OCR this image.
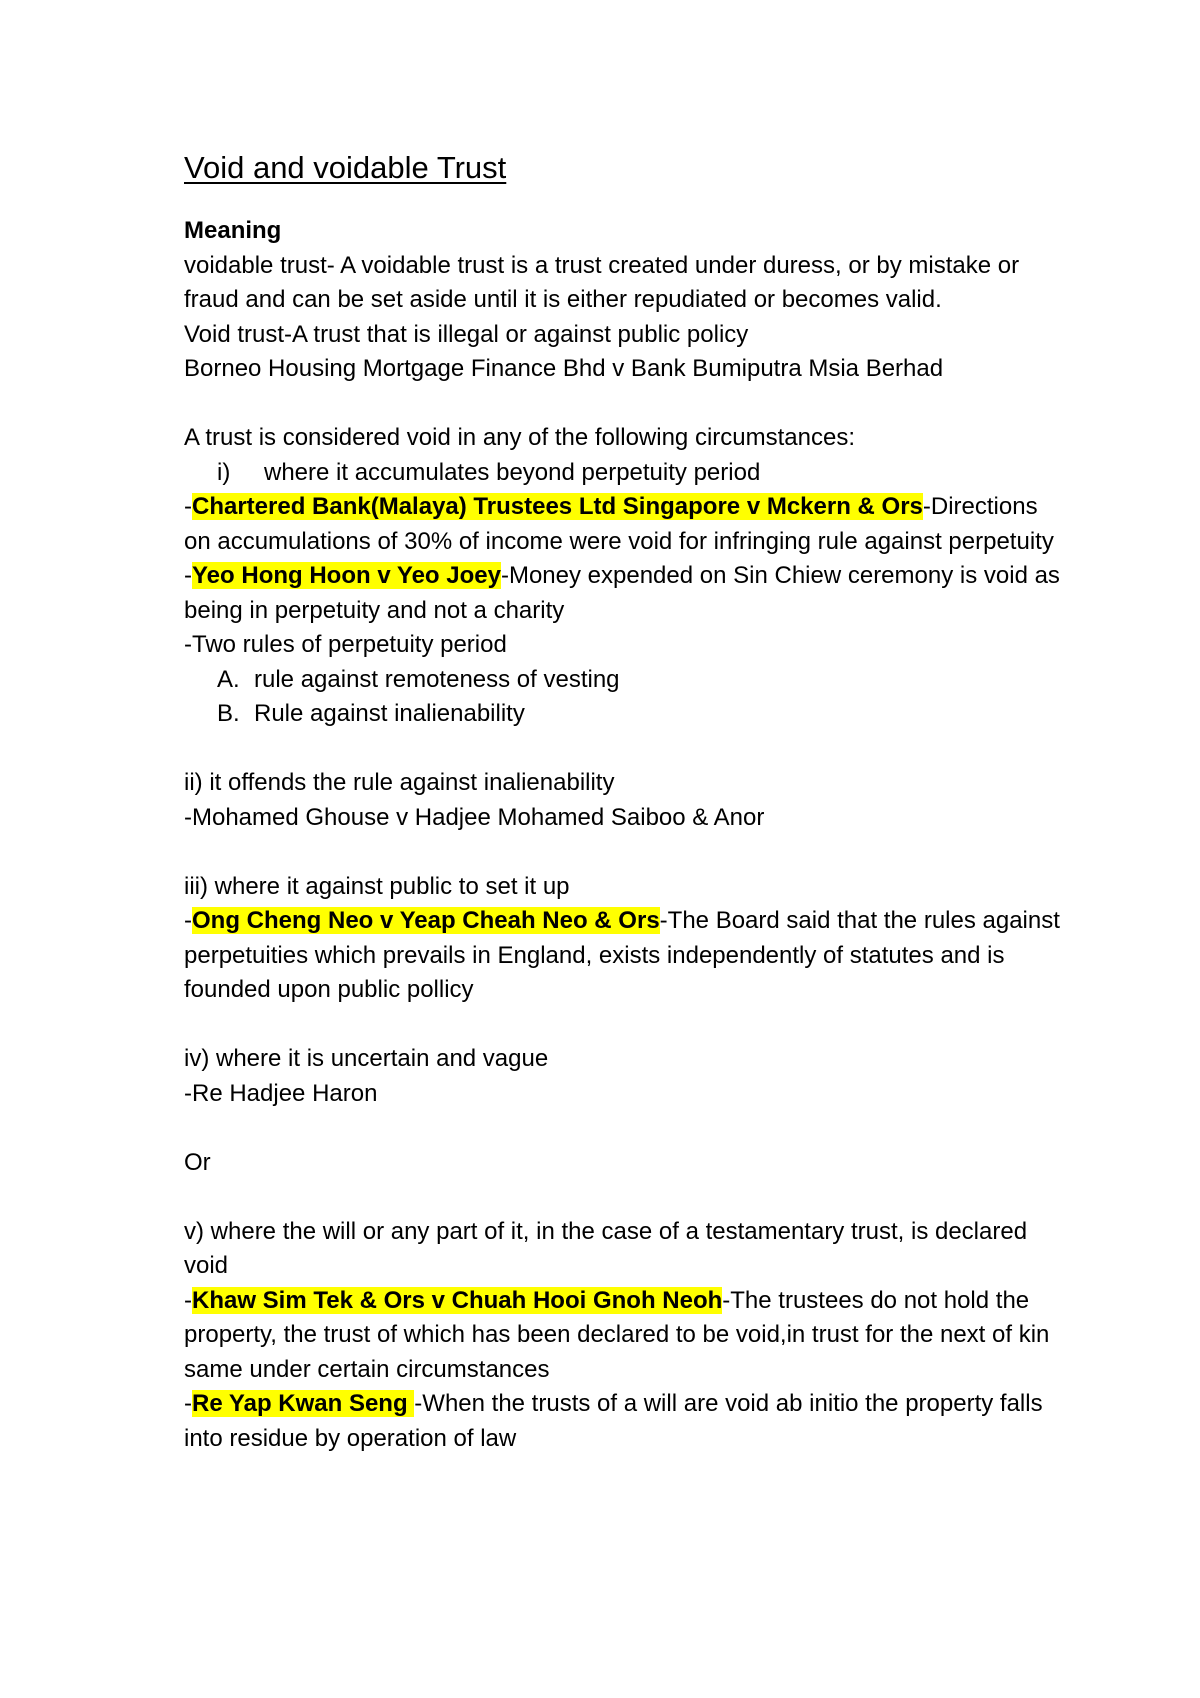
Void and voidable Trust

Meaning

voidable trust- A voidable trust is a trust created under duress, or by mistake or fraud and can be set aside until it is either repudiated or becomes valid.

Void trust-A trust that is illegal or against public policy

Borneo Housing Mortgage Finance Bhd v Bank Bumiputra Msia Berhad

A trust is considered void in any of the following circumstances:

i)	where it accumulates beyond perpetuity period

-Chartered Bank(Malaya) Trustees Ltd Singapore v Mckern & Ors-Directions on accumulations of 30% of income were void for infringing rule against perpetuity

-Yeo Hong Hoon v Yeo Joey-Money expended on Sin Chiew ceremony is void as being in perpetuity and not a charity

-Two rules of perpetuity period

A. rule against remoteness of vesting
B. Rule against inalienability

ii) it offends the rule against inalienability

-Mohamed Ghouse v Hadjee Mohamed Saiboo & Anor

iii) where it against public to set it up

-Ong Cheng Neo v Yeap Cheah Neo & Ors-The Board said that the rules against perpetuities which prevails in England, exists independently of statutes and is founded upon public pollicy

iv) where it is uncertain and vague

-Re Hadjee Haron

Or

v) where the will or any part of it, in the case of a testamentary trust, is declared void

-Khaw Sim Tek & Ors v Chuah Hooi Gnoh Neoh-The trustees do not hold the property, the trust of which has been declared to be void,in trust for the next of kin same under certain circumstances

-Re Yap Kwan Seng -When the trusts of a will are void ab initio the property falls into residue by operation of law
